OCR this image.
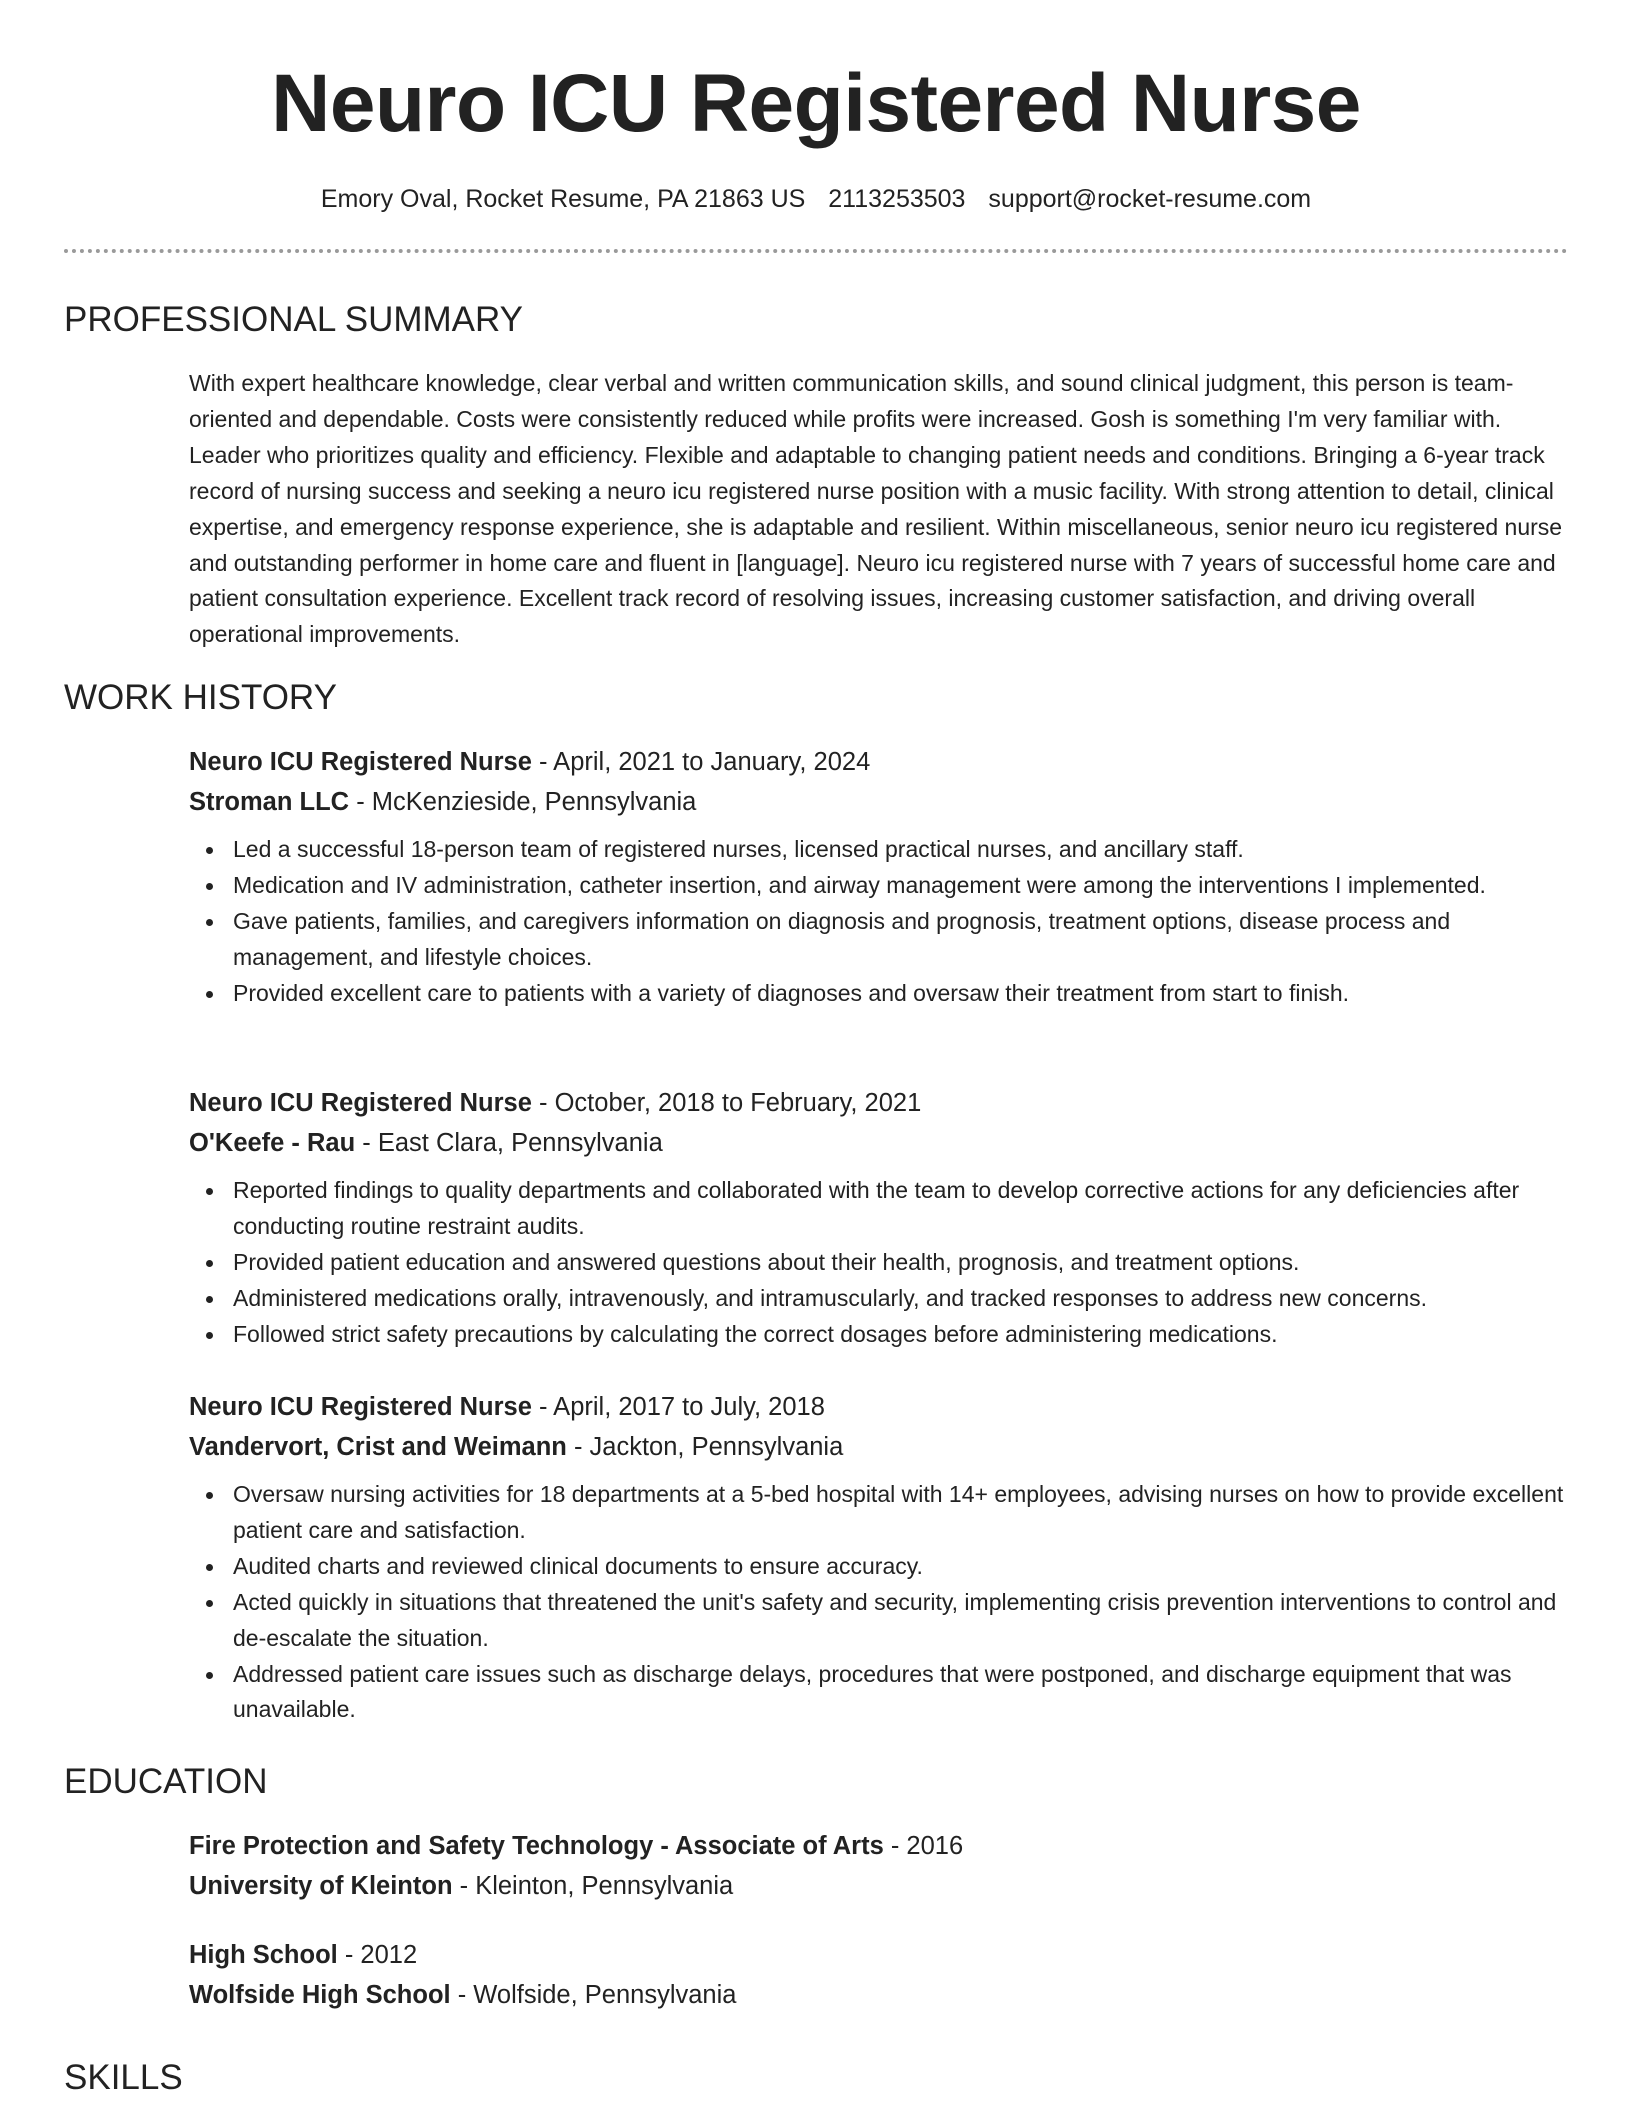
Neuro ICU Registered Nurse
Emory Oval, Rocket Resume, PA 21863 US 2113253503 support@rocket-resume.com
PROFESSIONAL SUMMARY

With expert healthcare knowledge, clear verbal and written communication skills, and sound clinical judgment, this person is team-oriented and dependable. Costs were consistently reduced while profits were increased. Gosh is something I'm very familiar with. Leader who prioritizes quality and efficiency. Flexible and adaptable to changing patient needs and conditions. Bringing a 6-year track record of nursing success and seeking a neuro icu registered nurse position with a music facility. With strong attention to detail, clinical expertise, and emergency response experience, she is adaptable and resilient. Within miscellaneous, senior neuro icu registered nurse and outstanding performer in home care and fluent in [language]. Neuro icu registered nurse with 7 years of successful home care and patient consultation experience. Excellent track record of resolving issues, increasing customer satisfaction, and driving overall operational improvements.

WORK HISTORY
Neuro ICU Registered Nurse - April, 2021 to January, 2024
Stroman LLC - McKenzieside, Pennsylvania
Led a successful 18-person team of registered nurses, licensed practical nurses, and ancillary staff.
Medication and IV administration, catheter insertion, and airway management were among the interventions I implemented.
Gave patients, families, and caregivers information on diagnosis and prognosis, treatment options, disease process and management, and lifestyle choices.
Provided excellent care to patients with a variety of diagnoses and oversaw their treatment from start to finish.
Neuro ICU Registered Nurse - October, 2018 to February, 2021
O'Keefe - Rau - East Clara, Pennsylvania
Reported findings to quality departments and collaborated with the team to develop corrective actions for any deficiencies after conducting routine restraint audits.
Provided patient education and answered questions about their health, prognosis, and treatment options.
Administered medications orally, intravenously, and intramuscularly, and tracked responses to address new concerns.
Followed strict safety precautions by calculating the correct dosages before administering medications.
Neuro ICU Registered Nurse - April, 2017 to July, 2018
Vandervort, Crist and Weimann - Jackton, Pennsylvania
Oversaw nursing activities for 18 departments at a 5-bed hospital with 14+ employees, advising nurses on how to provide excellent patient care and satisfaction.
Audited charts and reviewed clinical documents to ensure accuracy.
Acted quickly in situations that threatened the unit's safety and security, implementing crisis prevention interventions to control and de-escalate the situation.
Addressed patient care issues such as discharge delays, procedures that were postponed, and discharge equipment that was unavailable.
EDUCATION
Fire Protection and Safety Technology - Associate of Arts - 2016
University of Kleinton - Kleinton, Pennsylvania
High School - 2012
Wolfside High School - Wolfside, Pennsylvania
SKILLS
